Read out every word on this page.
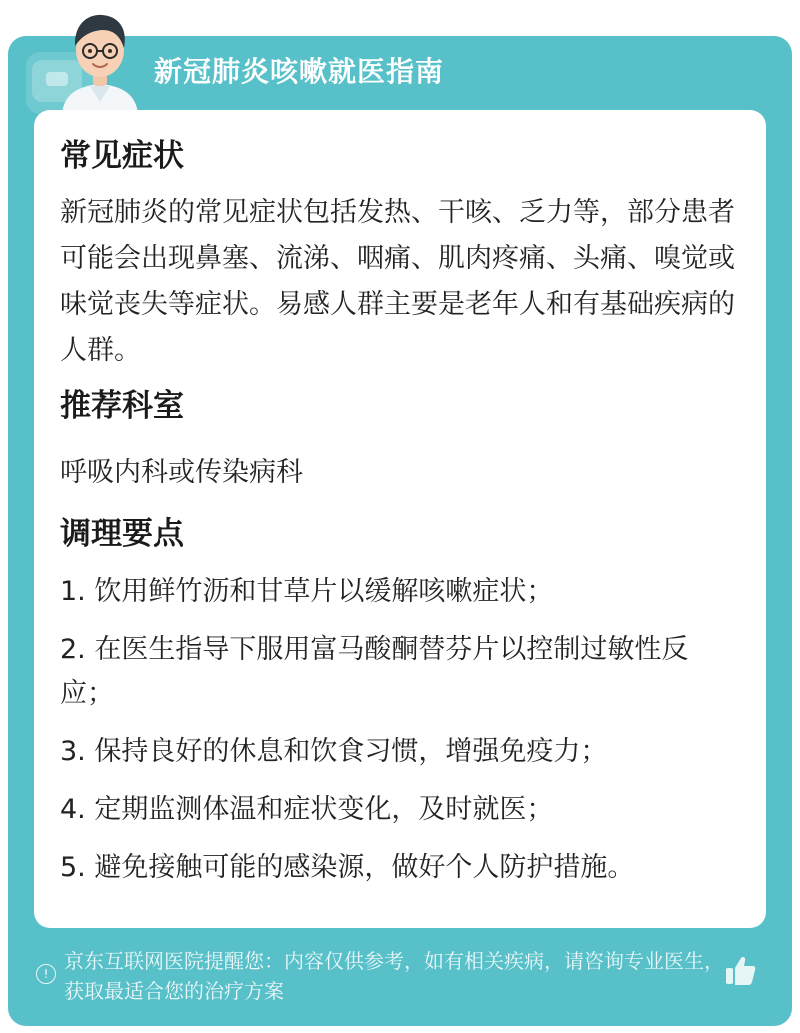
新冠肺炎咳嗽就医指南
常见症状

新冠肺炎的常见症状包括发热、干咳、乏力等，部分患者可能会出现鼻塞、流涕、咽痛、肌肉疼痛、头痛、嗅觉或味觉丧失等症状。易感人群主要是老年人和有基础疾病的人群。

推荐科室

呼吸内科或传染病科

调理要点

1. 饮用鲜竹沥和甘草片以缓解咳嗽症状；

2. 在医生指导下服用富马酸酮替芬片以控制过敏性反应；

3. 保持良好的休息和饮食习惯，增强免疫力；

4. 定期监测体温和症状变化，及时就医；

5. 避免接触可能的感染源，做好个人防护措施。

!
京东互联网医院提醒您：内容仅供参考，如有相关疾病，请咨询专业医生，获取最适合您的治疗方案
